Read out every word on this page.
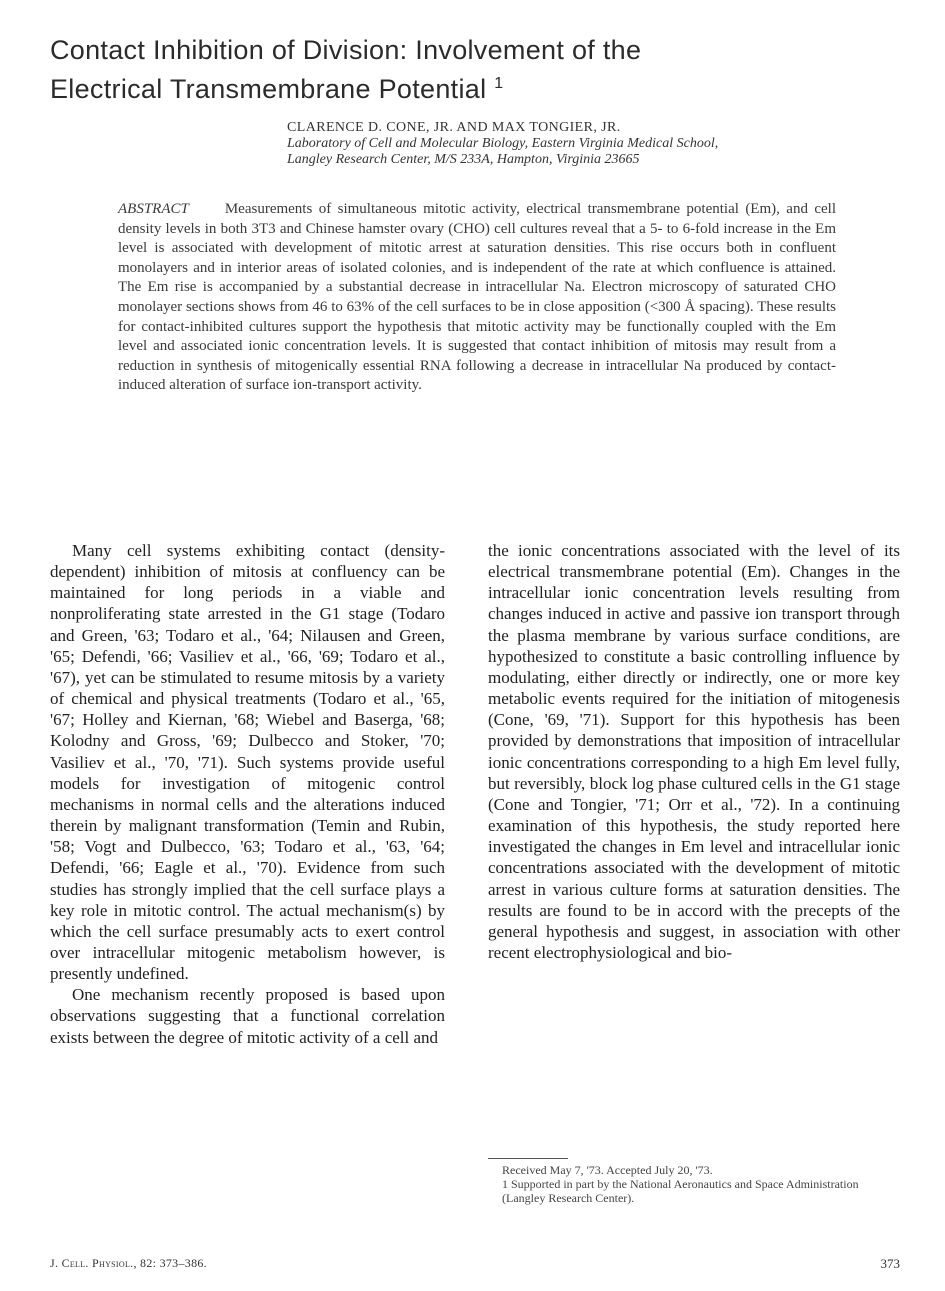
Contact Inhibition of Division: Involvement of the
Electrical Transmembrane Potential $^1$
CLARENCE D. CONE, JR. AND MAX TONGIER, JR.
Laboratory of Cell and Molecular Biology, Eastern Virginia Medical School,
Langley Research Center, M/S 233A, Hampton, Virginia 23665
ABSTRACT Measurements of simultaneous mitotic activity, electrical transmembrane potential (Em), and cell density levels in both 3T3 and Chinese hamster ovary (CHO) cell cultures reveal that a 5- to 6-fold increase in the Em level is associated with development of mitotic arrest at saturation densities. This rise occurs both in confluent monolayers and in interior areas of isolated colonies, and is independent of the rate at which confluence is attained. The Em rise is accompanied by a substantial decrease in intracellular Na. Electron microscopy of saturated CHO monolayer sections shows from 46 to 63% of the cell surfaces to be in close apposition (<300 Å spacing). These results for contact-inhibited cultures support the hypothesis that mitotic activity may be functionally coupled with the Em level and associated ionic concentration levels. It is suggested that contact inhibition of mitosis may result from a reduction in synthesis of mitogenically essential RNA following a decrease in intracellular Na produced by contact-induced alteration of surface ion-transport activity.

Many cell systems exhibiting contact (density-dependent) inhibition of mitosis at confluency can be maintained for long periods in a viable and nonproliferating state arrested in the G1 stage (Todaro and Green, '63; Todaro et al., '64; Nilausen and Green, '65; Defendi, '66; Vasiliev et al., '66, '69; Todaro et al., '67), yet can be stimulated to resume mitosis by a variety of chemical and physical treatments (Todaro et al., '65, '67; Holley and Kiernan, '68; Wiebel and Baserga, '68; Kolodny and Gross, '69; Dulbecco and Stoker, '70; Vasiliev et al., '70, '71). Such systems provide useful models for investigation of mitogenic control mechanisms in normal cells and the alterations induced therein by malignant transformation (Temin and Rubin, '58; Vogt and Dulbecco, '63; Todaro et al., '63, '64; Defendi, '66; Eagle et al., '70). Evidence from such studies has strongly implied that the cell surface plays a key role in mitotic control. The actual mechanism(s) by which the cell surface presumably acts to exert control over intracellular mitogenic metabolism however, is presently undefined.

One mechanism recently proposed is based upon observations suggesting that a functional correlation exists between the degree of mitotic activity of a cell and

the ionic concentrations associated with the level of its electrical transmembrane potential (Em). Changes in the intracellular ionic concentration levels resulting from changes induced in active and passive ion transport through the plasma membrane by various surface conditions, are hypothesized to constitute a basic controlling influence by modulating, either directly or indirectly, one or more key metabolic events required for the initiation of mitogenesis (Cone, '69, '71). Support for this hypothesis has been provided by demonstrations that imposition of intracellular ionic concentrations corresponding to a high Em level fully, but reversibly, block log phase cultured cells in the G1 stage (Cone and Tongier, '71; Orr et al., '72). In a continuing examination of this hypothesis, the study reported here investigated the changes in Em level and intracellular ionic concentrations associated with the development of mitotic arrest in various culture forms at saturation densities. The results are found to be in accord with the precepts of the general hypothesis and suggest, in association with other recent electrophysiological and bio-

Received May 7, '73. Accepted July 20, '73.

1 Supported in part by the National Aeronautics and Space Administration (Langley Research Center).

J. Cell. Physiol., 82: 373–386.	373
